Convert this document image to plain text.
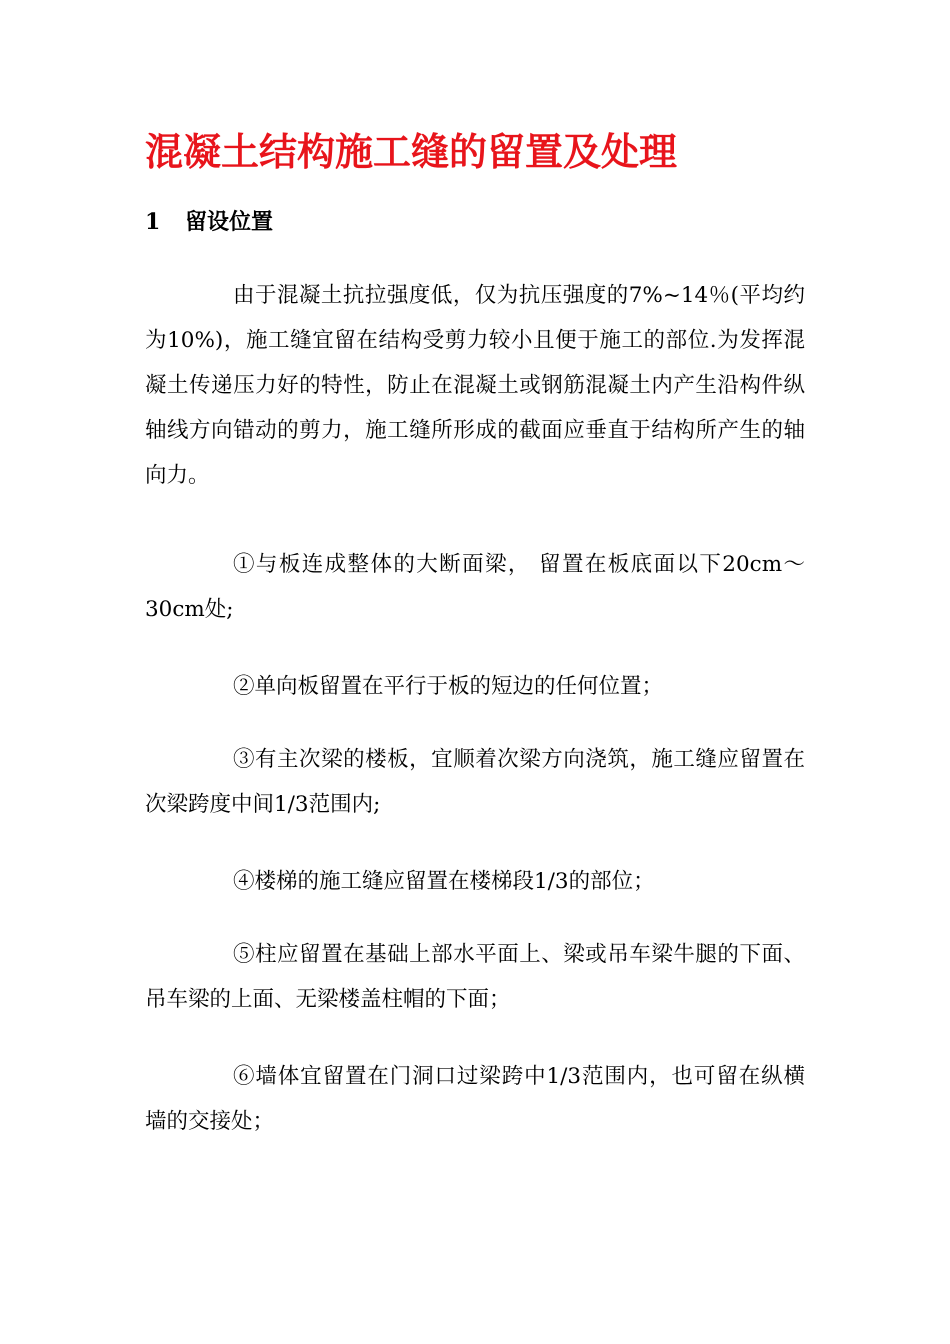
混凝土结构施工缝的留置及处理
1 留设位置

由于混凝土抗拉强度低，仅为抗压强度的7%~14％(平均约为10%)，施工缝宜留在结构受剪力较小且便于施工的部位.为发挥混凝土传递压力好的特性，防止在混凝土或钢筋混凝土内产生沿构件纵轴线方向错动的剪力，施工缝所形成的截面应垂直于结构所产生的轴向力。

①与板连成整体的大断面梁， 留置在板底面以下20cm～30cm处;

②单向板留置在平行于板的短边的任何位置；

③有主次梁的楼板，宜顺着次梁方向浇筑，施工缝应留置在次梁跨度中间1/3范围内;

④楼梯的施工缝应留置在楼梯段1/3的部位；

⑤柱应留置在基础上部水平面上、梁或吊车梁牛腿的下面、吊车梁的上面、无梁楼盖柱帽的下面；

⑥墙体宜留置在门洞口过梁跨中1/3范围内，也可留在纵横墙的交接处；
